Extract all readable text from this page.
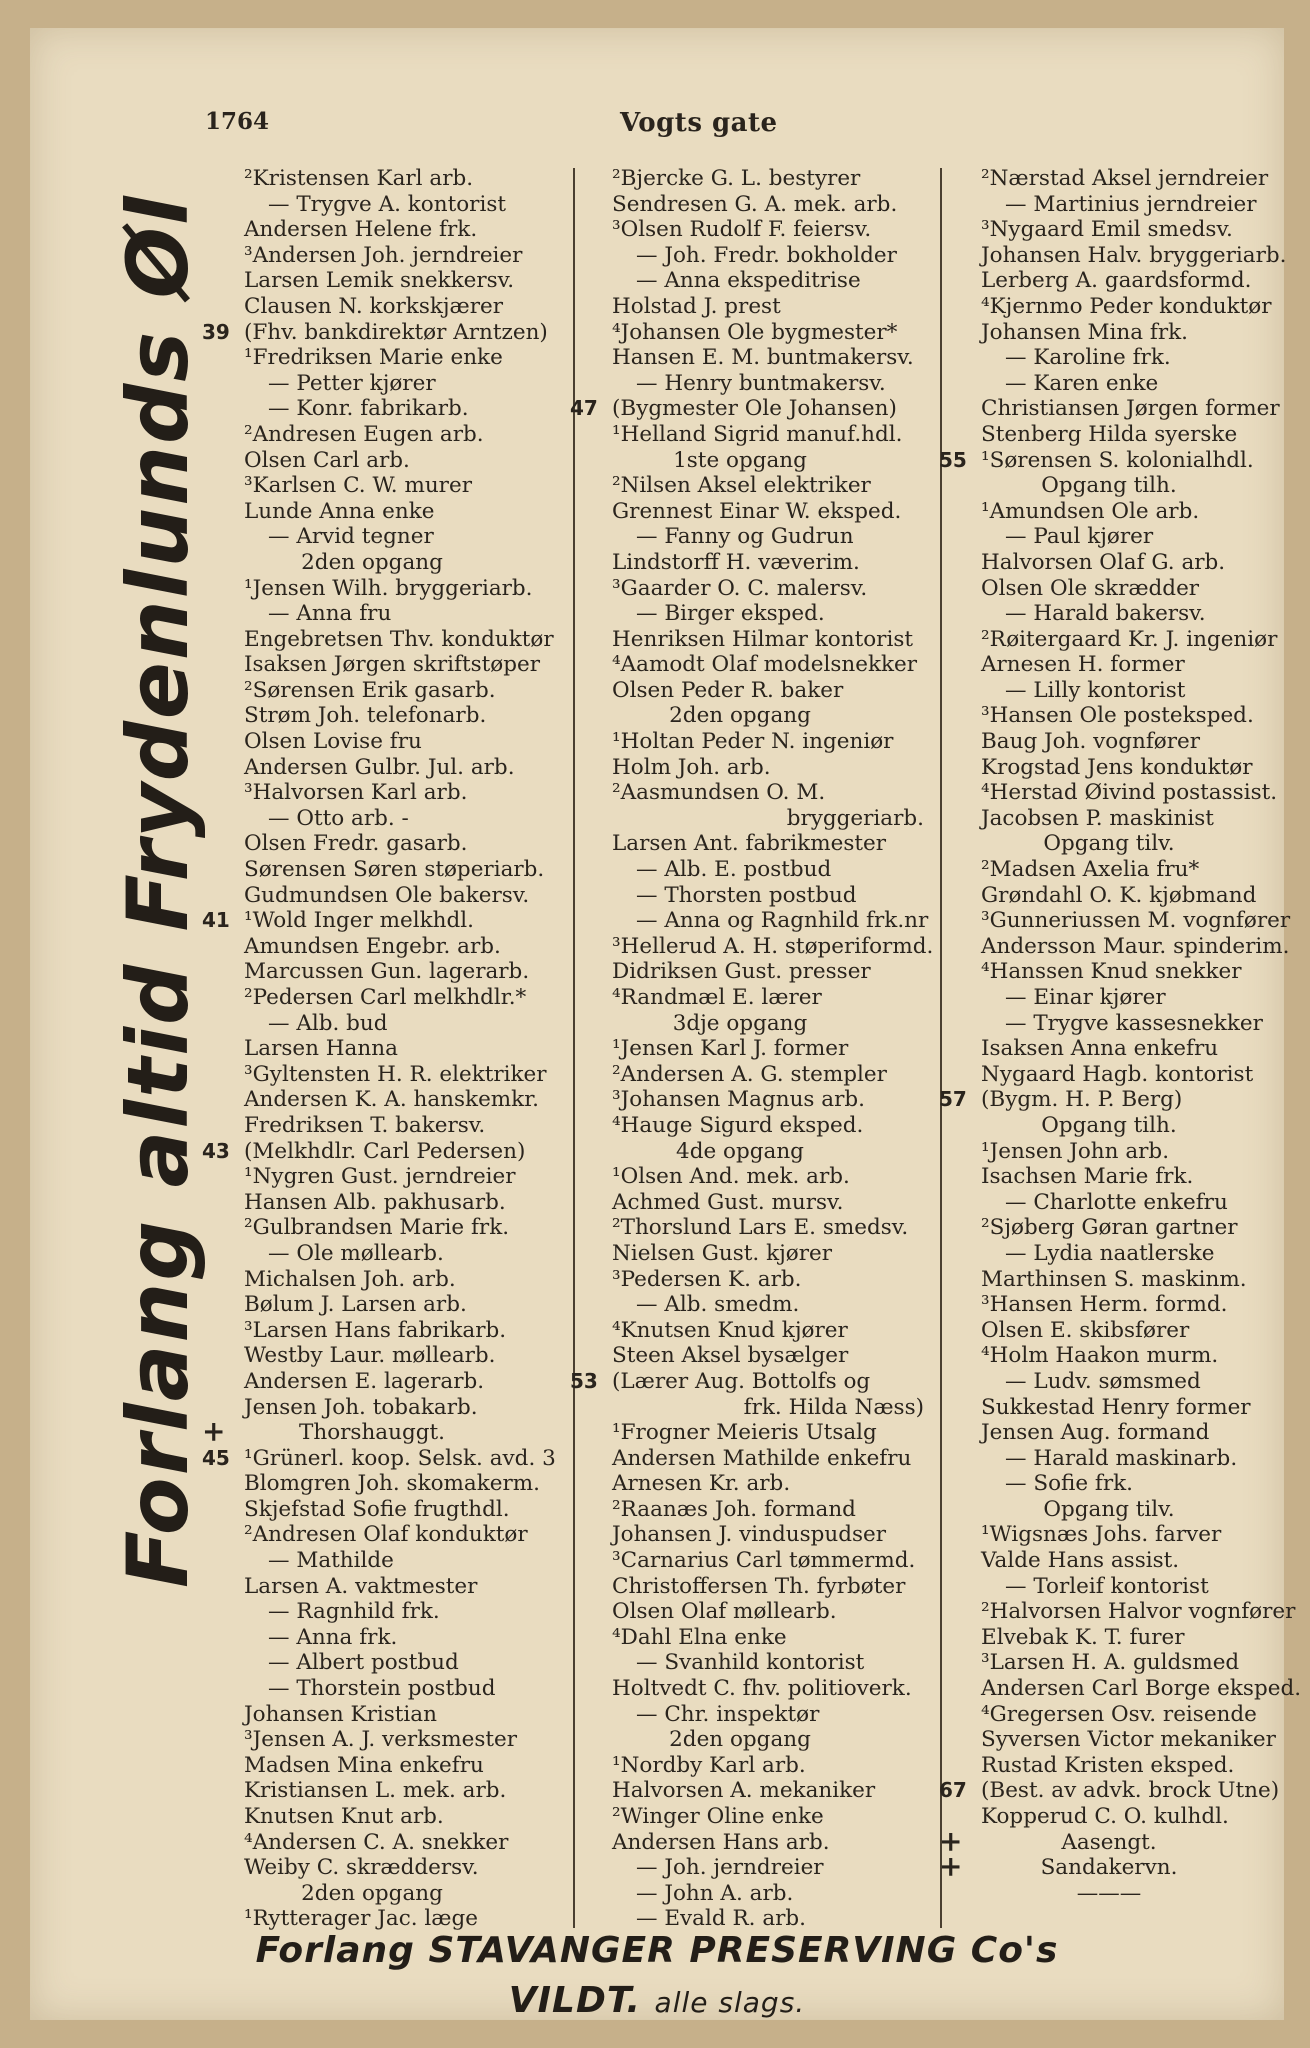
1764	Vogts gate
Forlang altid Frydenlunds Øl
²Kristensen Karl arb.
— Trygve A. kontorist
Andersen Helene frk.
³Andersen Joh. jerndreier
Larsen Lemik snekkersv.
Clausen N. korkskjærer
39 (Fhv. bankdirektør Arntzen)
¹Fredriksen Marie enke
— Petter kjører
— Konr. fabrikarb.
²Andresen Eugen arb.
Olsen Carl arb.
³Karlsen C. W. murer
Lunde Anna enke
— Arvid tegner
2den opgang
¹Jensen Wilh. bryggeriarb.
— Anna fru
Engebretsen Thv. konduktør
Isaksen Jørgen skriftstøper
²Sørensen Erik gasarb.
Strøm Joh. telefonarb.
Olsen Lovise fru
Andersen Gulbr. Jul. arb.
³Halvorsen Karl arb.
— Otto arb. -
Olsen Fredr. gasarb.
Sørensen Søren støperiarb.
Gudmundsen Ole bakersv.
41 ¹Wold Inger melkhdl.
Amundsen Engebr. arb.
Marcussen Gun. lagerarb.
²Pedersen Carl melkhdlr.*
— Alb. bud
Larsen Hanna
³Gyltensten H. R. elektriker
Andersen K. A. hanskemkr.
Fredriksen T. bakersv.
43 (Melkhdlr. Carl Pedersen)
¹Nygren Gust. jerndreier
Hansen Alb. pakhusarb.
²Gulbrandsen Marie frk.
— Ole møllearb.
Michalsen Joh. arb.
Bølum J. Larsen arb.
³Larsen Hans fabrikarb.
Westby Laur. møllearb.
Andersen E. lagerarb.
Jensen Joh. tobakarb.
+	Thorshauggt.
45 ¹Grünerl. koop. Selsk. avd. 3
Blomgren Joh. skomakerm.
Skjefstad Sofie frugthdl.
²Andresen Olaf konduktør
— Mathilde
Larsen A. vaktmester
— Ragnhild frk.
— Anna frk.
— Albert postbud
— Thorstein postbud
Johansen Kristian
³Jensen A. J. verksmester
Madsen Mina enkefru
Kristiansen L. mek. arb.
Knutsen Knut arb.
⁴Andersen C. A. snekker
Weiby C. skræddersv.
2den opgang
¹Rytterager Jac. læge
²Bjercke G. L. bestyrer
Sendresen G. A. mek. arb.
³Olsen Rudolf F. feiersv.
— Joh. Fredr. bokholder
— Anna ekspeditrise
Holstad J. prest
⁴Johansen Ole bygmester*
Hansen E. M. buntmakersv.
— Henry buntmakersv.
47 (Bygmester Ole Johansen)
¹Helland Sigrid manuf.hdl.
1ste opgang
²Nilsen Aksel elektriker
Grennest Einar W. eksped.
— Fanny og Gudrun
Lindstorff H. væverim.
³Gaarder O. C. malersv.
— Birger eksped.
Henriksen Hilmar kontorist
⁴Aamodt Olaf modelsnekker
Olsen Peder R. baker
2den opgang
¹Holtan Peder N. ingeniør
Holm Joh. arb.
²Aasmundsen O. M.
bryggeriarb.
Larsen Ant. fabrikmester
— Alb. E. postbud
— Thorsten postbud
— Anna og Ragnhild frk.nr
³Hellerud A. H. støperiformd.
Didriksen Gust. presser
⁴Randmæl E. lærer
3dje opgang
¹Jensen Karl J. former
²Andersen A. G. stempler
³Johansen Magnus arb.
⁴Hauge Sigurd eksped.
4de opgang
¹Olsen And. mek. arb.
Achmed Gust. mursv.
²Thorslund Lars E. smedsv.
Nielsen Gust. kjører
³Pedersen K. arb.
— Alb. smedm.
⁴Knutsen Knud kjører
Steen Aksel bysælger
53 (Lærer Aug. Bottolfs og
frk. Hilda Næss)
¹Frogner Meieris Utsalg
Andersen Mathilde enkefru
Arnesen Kr. arb.
²Raanæs Joh. formand
Johansen J. vinduspudser
³Carnarius Carl tømmermd.
Christoffersen Th. fyrbøter
Olsen Olaf møllearb.
⁴Dahl Elna enke
— Svanhild kontorist
Holtvedt C. fhv. politioverk.
— Chr. inspektør
2den opgang
¹Nordby Karl arb.
Halvorsen A. mekaniker
²Winger Oline enke
Andersen Hans arb.
— Joh. jerndreier
— John A. arb.
— Evald R. arb.
²Nærstad Aksel jerndreier
— Martinius jerndreier
³Nygaard Emil smedsv.
Johansen Halv. bryggeriarb.
Lerberg A. gaardsformd.
⁴Kjernmo Peder konduktør
Johansen Mina frk.
— Karoline frk.
— Karen enke
Christiansen Jørgen former
Stenberg Hilda syerske
55 ¹Sørensen S. kolonialhdl.
Opgang tilh.
¹Amundsen Ole arb.
— Paul kjører
Halvorsen Olaf G. arb.
Olsen Ole skrædder
— Harald bakersv.
²Røitergaard Kr. J. ingeniør
Arnesen H. former
— Lilly kontorist
³Hansen Ole posteksped.
Baug Joh. vognfører
Krogstad Jens konduktør
⁴Herstad Øivind postassist.
Jacobsen P. maskinist
Opgang tilv.
²Madsen Axelia fru*
Grøndahl O. K. kjøbmand
³Gunneriussen M. vognfører
Andersson Maur. spinderim.
⁴Hanssen Knud snekker
— Einar kjører
— Trygve kassesnekker
Isaksen Anna enkefru
Nygaard Hagb. kontorist
57 (Bygm. H. P. Berg)
Opgang tilh.
¹Jensen John arb.
Isachsen Marie frk.
— Charlotte enkefru
²Sjøberg Gøran gartner
— Lydia naatlerske
Marthinsen S. maskinm.
³Hansen Herm. formd.
Olsen E. skibsfører
⁴Holm Haakon murm.
— Ludv. sømsmed
Sukkestad Henry former
Jensen Aug. formand
— Harald maskinarb.
— Sofie frk.
Opgang tilv.
¹Wigsnæs Johs. farver
Valde Hans assist.
— Torleif kontorist
²Halvorsen Halvor vognfører
Elvebak K. T. furer
³Larsen H. A. guldsmed
Andersen Carl Borge eksped.
⁴Gregersen Osv. reisende
Syversen Victor mekaniker
Rustad Kristen eksped.
67 (Best. av advk. brock Utne)
Kopperud C. O. kulhdl.
+	Aasengt.
+	Sandakervn.
———
Forlang STAVANGER PRESERVING Co's
VILDT. alle slags.
